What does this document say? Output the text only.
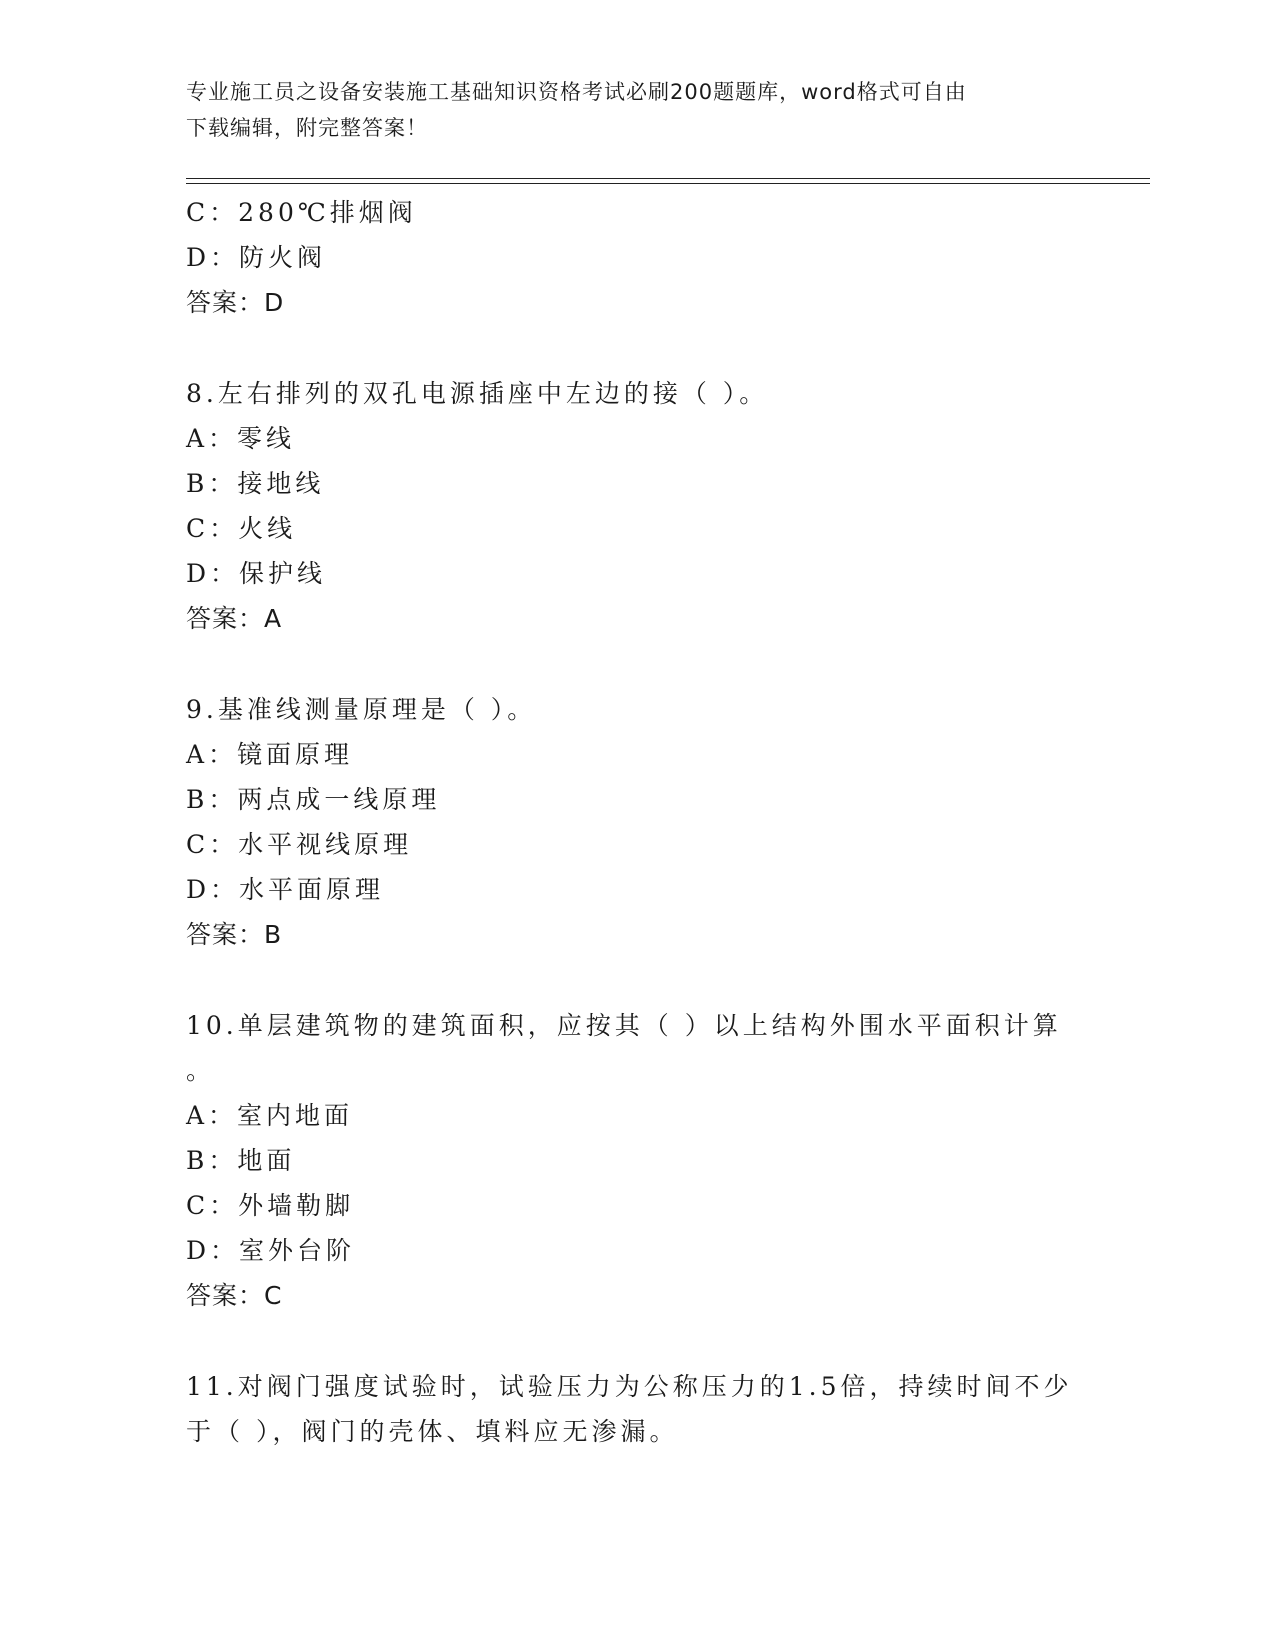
专业施工员之设备安装施工基础知识资格考试必刷200题题库，word格式可自由
下载编辑，附完整答案！
C：280℃排烟阀
D：防火阀
答案：D
8.左右排列的双孔电源插座中左边的接（ ）。
A：零线
B：接地线
C：火线
D：保护线
答案：A
9.基准线测量原理是（ ）。
A：镜面原理
B：两点成一线原理
C：水平视线原理
D：水平面原理
答案：B
10.单层建筑物的建筑面积，应按其（ ）以上结构外围水平面积计算
。
A：室内地面
B：地面
C：外墙勒脚
D：室外台阶
答案：C
11.对阀门强度试验时，试验压力为公称压力的1.5倍，持续时间不少
于（ ），阀门的壳体、填料应无渗漏。
